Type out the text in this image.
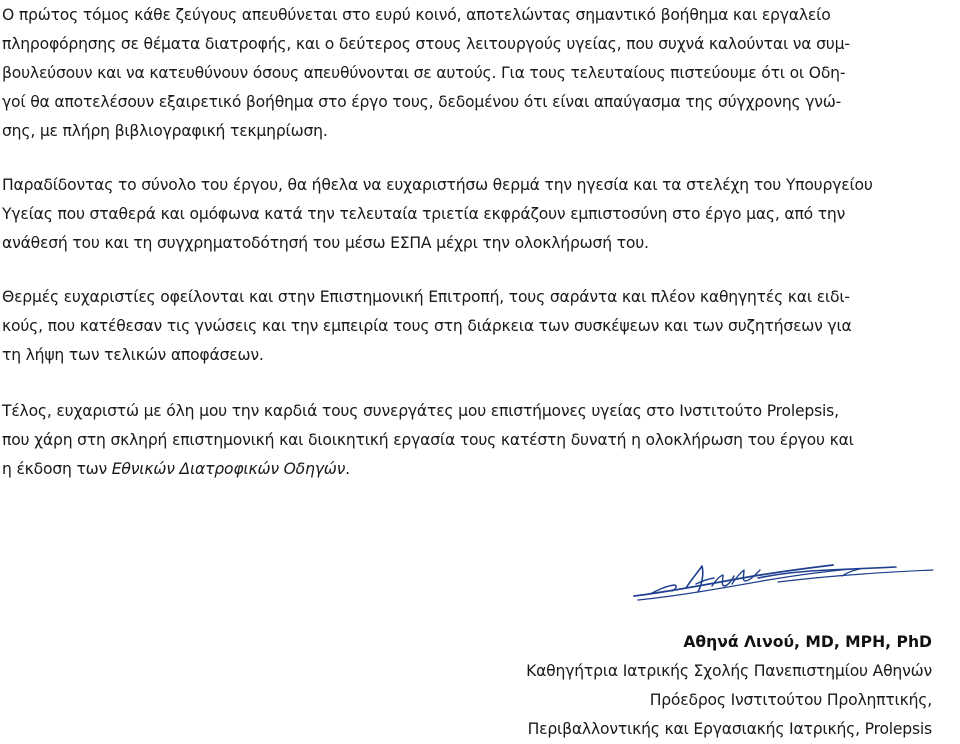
Ο πρώτος τόμος κάθε ζεύγους απευθύνεται στο ευρύ κοινό, αποτελώντας σημαντικό βοήθημα και εργαλείο
πληροφόρησης σε θέματα διατροφής, και ο δεύτερος στους λειτουργούς υγείας, που συχνά καλούνται να συμ-
βουλεύσουν και να κατευθύνουν όσους απευθύνονται σε αυτούς. Για τους τελευταίους πιστεύουμε ότι οι Οδη-
γοί θα αποτελέσουν εξαιρετικό βοήθημα στο έργο τους, δεδομένου ότι είναι απαύγασμα της σύγχρονης γνώ-
σης, με πλήρη βιβλιογραφική τεκμηρίωση.

Παραδίδοντας το σύνολο του έργου, θα ήθελα να ευχαριστήσω θερμά την ηγεσία και τα στελέχη του Υπουργείου
Υγείας που σταθερά και ομόφωνα κατά την τελευταία τριετία εκφράζουν εμπιστοσύνη στο έργο μας, από την
ανάθεσή του και τη συγχρηματοδότησή του μέσω ΕΣΠΑ μέχρι την ολοκλήρωσή του.

Θερμές ευχαριστίες οφείλονται και στην Επιστημονική Επιτροπή, τους σαράντα και πλέον καθηγητές και ειδι-
κούς, που κατέθεσαν τις γνώσεις και την εμπειρία τους στη διάρκεια των συσκέψεων και των συζητήσεων για
τη λήψη των τελικών αποφάσεων.

Τέλος, ευχαριστώ με όλη μου την καρδιά τους συνεργάτες μου επιστήμονες υγείας στο Ινστιτούτο Prolepsis,
που χάρη στη σκληρή επιστημονική και διοικητική εργασία τους κατέστη δυνατή η ολοκλήρωση του έργου και
η έκδοση των Εθνικών Διατροφικών Οδηγών.

Αθηνά Λινού, MD, MPH, PhD
Καθηγήτρια Ιατρικής Σχολής Πανεπιστημίου Αθηνών
Πρόεδρος Ινστιτούτου Προληπτικής,
Περιβαλλοντικής και Εργασιακής Ιατρικής, Prolepsis
